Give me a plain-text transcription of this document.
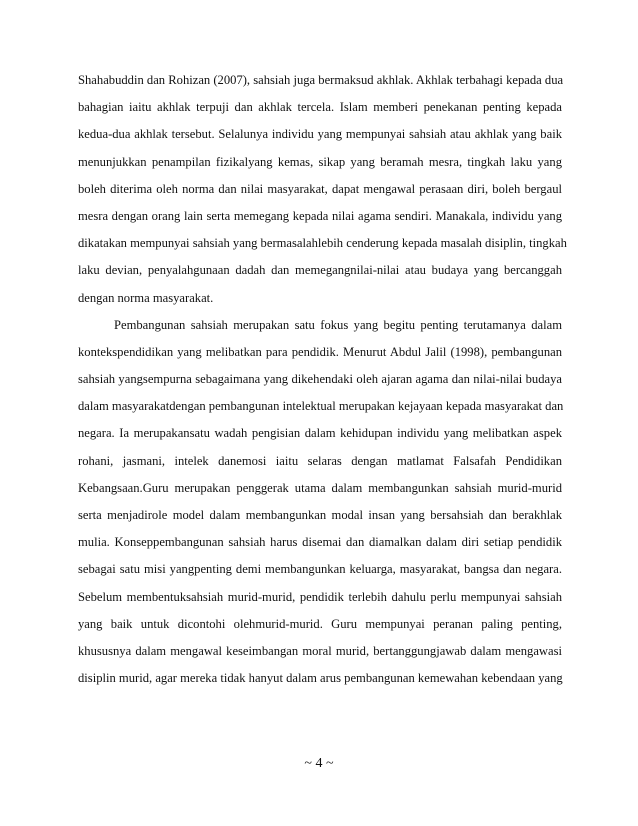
Shahabuddin dan Rohizan (2007), sahsiah juga bermaksud akhlak. Akhlak terbahagi kepada dua
bahagian iaitu akhlak terpuji dan akhlak tercela. Islam memberi penekanan penting kepada
kedua-dua akhlak tersebut. Selalunya individu yang mempunyai sahsiah atau akhlak yang baik
menunjukkan penampilan fizikalyang kemas, sikap yang beramah mesra, tingkah laku yang
boleh diterima oleh norma dan nilai masyarakat, dapat mengawal perasaan diri, boleh bergaul
mesra dengan orang lain serta memegang kepada nilai agama sendiri. Manakala, individu yang
dikatakan mempunyai sahsiah yang bermasalahlebih cenderung kepada masalah disiplin, tingkah
laku devian, penyalahgunaan dadah dan memegangnilai-nilai atau budaya yang bercanggah
dengan norma masyarakat.
Pembangunan sahsiah merupakan satu fokus yang begitu penting terutamanya dalam
kontekspendidikan yang melibatkan para pendidik. Menurut Abdul Jalil (1998), pembangunan
sahsiah yangsempurna sebagaimana yang dikehendaki oleh ajaran agama dan nilai-nilai budaya
dalam masyarakatdengan pembangunan intelektual merupakan kejayaan kepada masyarakat dan
negara. Ia merupakansatu wadah pengisian dalam kehidupan individu yang melibatkan aspek
rohani, jasmani, intelek danemosi iaitu selaras dengan matlamat Falsafah Pendidikan
Kebangsaan.Guru merupakan penggerak utama dalam membangunkan sahsiah murid-murid
serta menjadirole model dalam membangunkan modal insan yang bersahsiah dan berakhlak
mulia. Konseppembangunan sahsiah harus disemai dan diamalkan dalam diri setiap pendidik
sebagai satu misi yangpenting demi membangunkan keluarga, masyarakat, bangsa dan negara.
Sebelum membentuksahsiah murid-murid, pendidik terlebih dahulu perlu mempunyai sahsiah
yang baik untuk dicontohi olehmurid-murid. Guru mempunyai peranan paling penting,
khususnya dalam mengawal keseimbangan moral murid, bertanggungjawab dalam mengawasi
disiplin murid, agar mereka tidak hanyut dalam arus pembangunan kemewahan kebendaan yang
~ 4 ~
